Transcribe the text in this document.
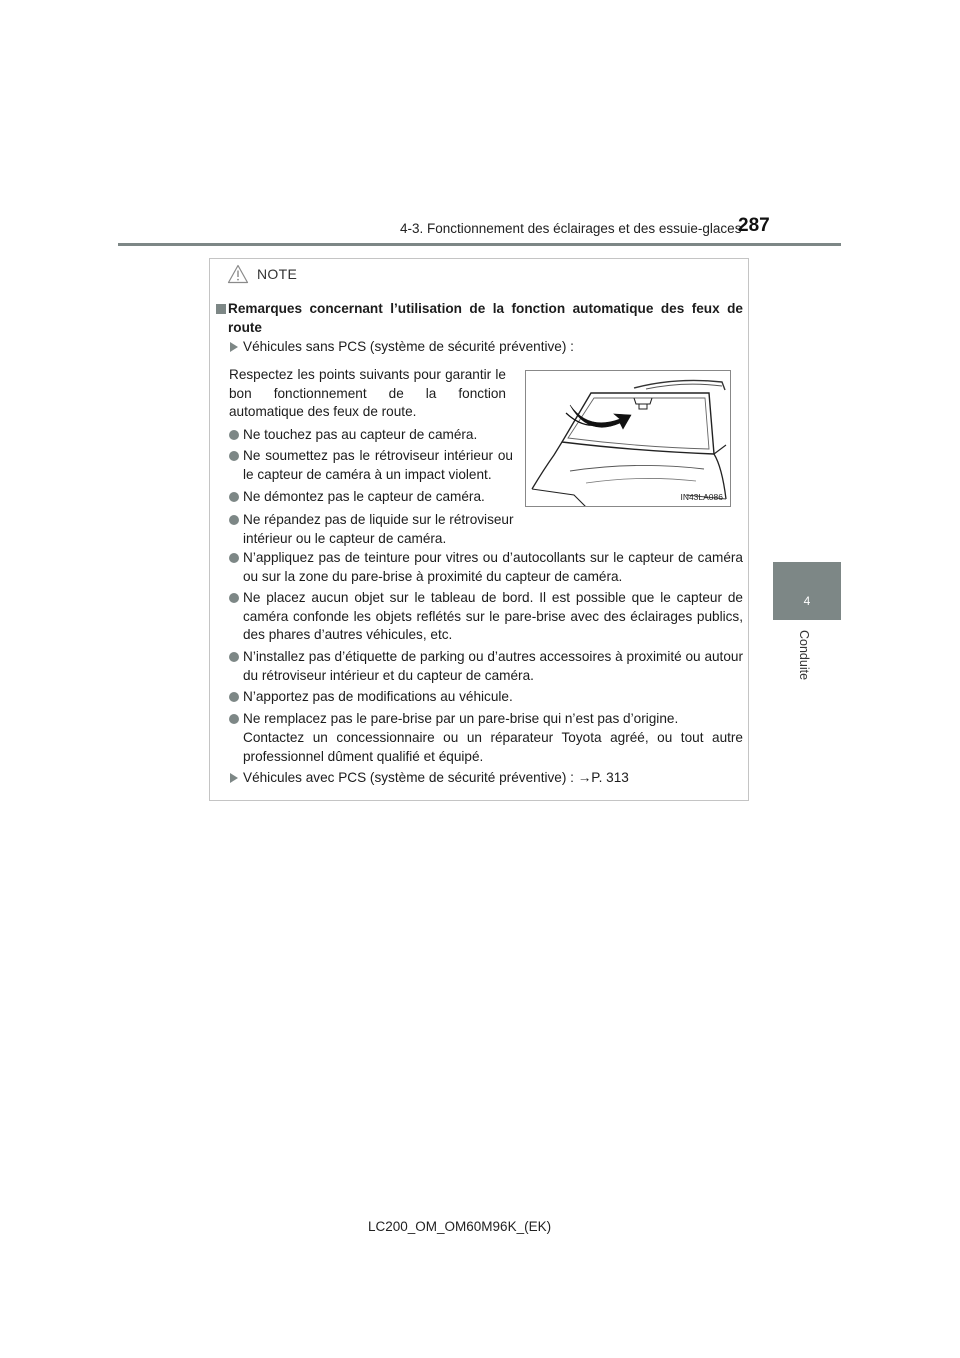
4-3. Fonctionnement des éclairages et des essuie-glaces
287
4
Conduite
NOTE
Remarques concernant l’utilisation de la fonction automatique des feux de route
Véhicules sans PCS (système de sécurité préventive) :
Respectez les points suivants pour garantir le bon fonctionnement de la fonction automatique des feux de route.
IN43LA086
Ne touchez pas au capteur de caméra.
Ne soumettez pas le rétroviseur intérieur ou le capteur de caméra à un impact violent.
Ne démontez pas le capteur de caméra.
Ne répandez pas de liquide sur le rétroviseur intérieur ou le capteur de caméra.
N’appliquez pas de teinture pour vitres ou d’autocollants sur le capteur de caméra ou sur la zone du pare-brise à proximité du capteur de caméra.
Ne placez aucun objet sur le tableau de bord. Il est possible que le capteur de caméra confonde les objets reflétés sur le pare-brise avec des éclairages publics, des phares d’autres véhicules, etc.
N’installez pas d’étiquette de parking ou d’autres accessoires à proximité ou autour du rétroviseur intérieur et du capteur de caméra.
N’apportez pas de modifications au véhicule.
Ne remplacez pas le pare-brise par un pare-brise qui n’est pas d’origine.
Contactez un concessionnaire ou un réparateur Toyota agréé, ou tout autre professionnel dûment qualifié et équipé.
Véhicules avec PCS (système de sécurité préventive) : →P. 313
LC200_OM_OM60M96K_(EK)
